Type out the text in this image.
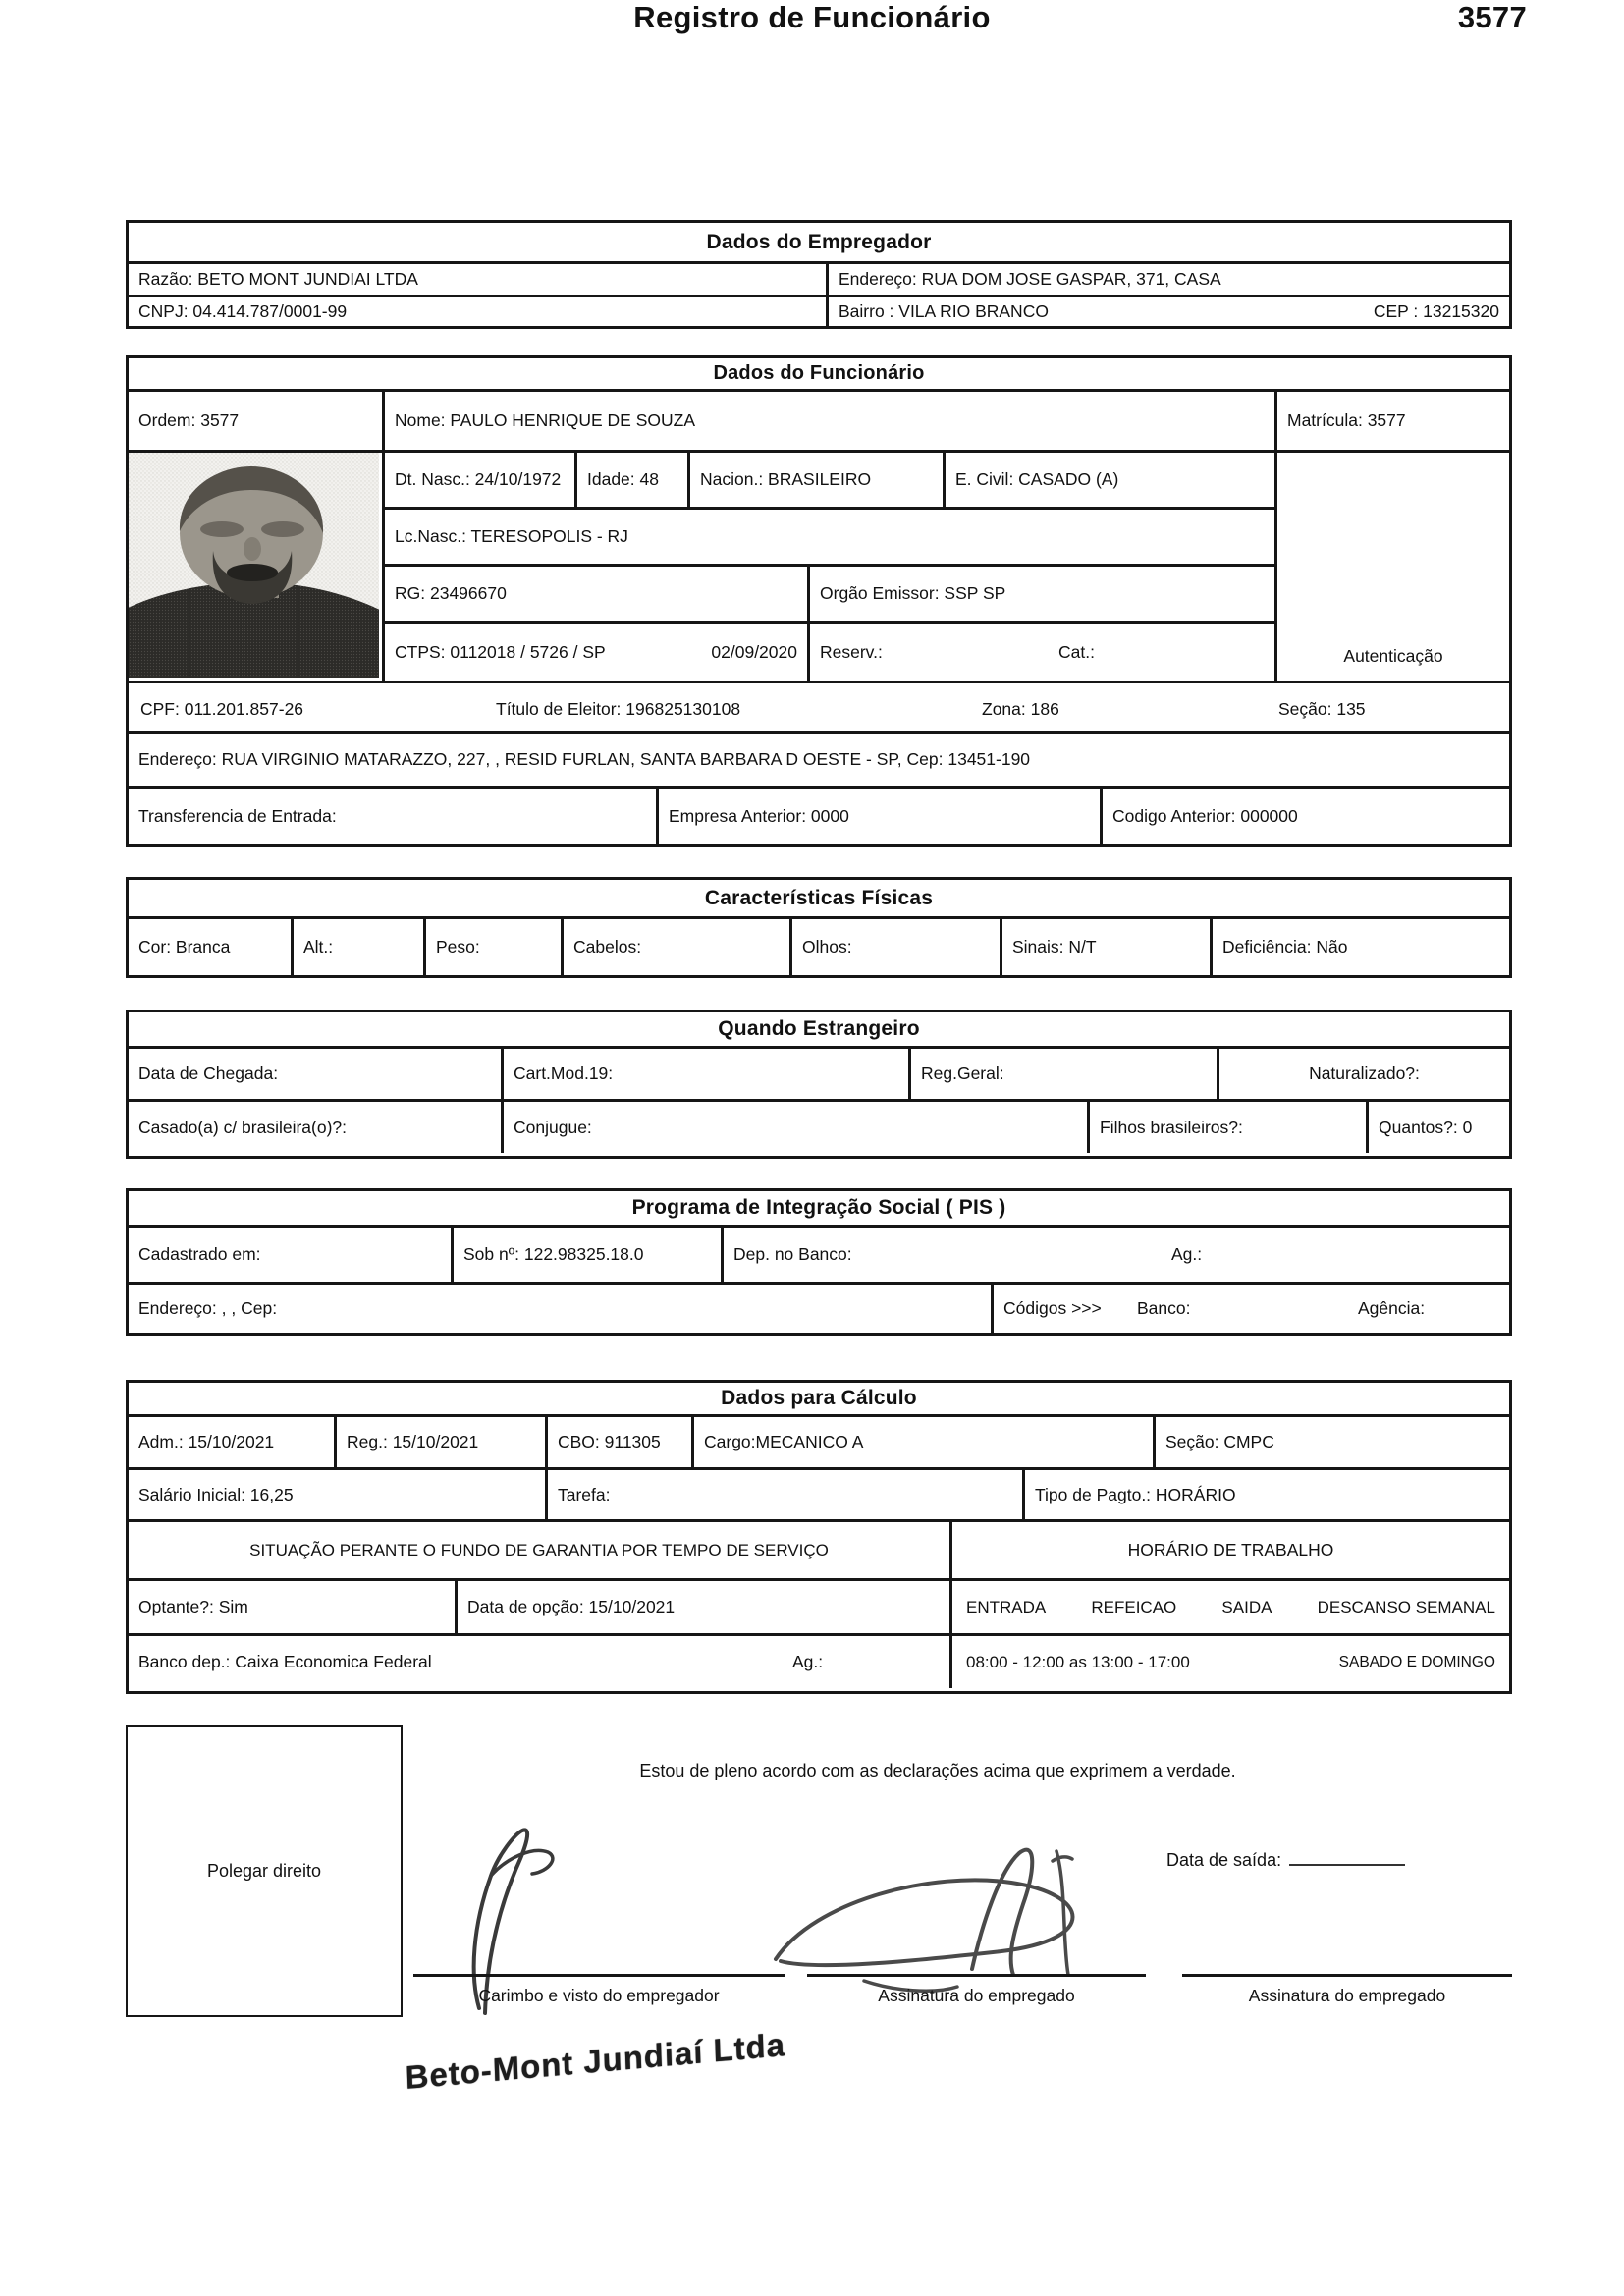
Registro de Funcionário	3577
Dados do Empregador
Razão: BETO MONT JUNDIAI LTDA	Endereço: RUA DOM JOSE GASPAR, 371, CASA
CNPJ: 04.414.787/0001-99	Bairro : VILA RIO BRANCO	CEP : 13215320
Dados do Funcionário
Ordem: 3577	Nome: PAULO HENRIQUE DE SOUZA	Matrícula: 3577
Dt. Nasc.: 24/10/1972	Idade: 48	Nacion.: BRASILEIRO	E. Civil: CASADO (A)
Lc.Nasc.: TERESOPOLIS - RJ
RG: 23496670	Orgão Emissor: SSP SP
CTPS: 0112018 / 5726 / SP	02/09/2020 Reserv.:	Cat.:	Autenticação
CPF: 011.201.857-26	Título de Eleitor: 196825130108	Zona: 186	Seção: 135
Endereço: RUA VIRGINIO MATARAZZO, 227, , RESID FURLAN, SANTA BARBARA D OESTE - SP, Cep: 13451-190
Transferencia de Entrada:	Empresa Anterior: 0000	Codigo Anterior: 000000
Características Físicas
Cor: Branca	Alt.:	Peso:	Cabelos:	Olhos:	Sinais: N/T	Deficiência: Não
Quando Estrangeiro
Data de Chegada:	Cart.Mod.19:	Reg.Geral:	Naturalizado?:
Casado(a) c/ brasileira(o)?:	Conjugue:	Filhos brasileiros?:	Quantos?: 0
Programa de Integração Social ( PIS )
Cadastrado em:	Sob nº: 122.98325.18.0	Dep. no Banco:	Ag.:
Endereço: , , Cep:	Códigos >>> Banco:	Agência:
Dados para Cálculo
Adm.: 15/10/2021	Reg.: 15/10/2021	CBO: 911305	Cargo:MECANICO A	Seção: CMPC
Salário Inicial: 16,25	Tarefa:	Tipo de Pagto.: HORÁRIO
SITUAÇÃO PERANTE O FUNDO DE GARANTIA POR TEMPO DE SERVIÇO	HORÁRIO DE TRABALHO
Optante?: Sim	Data de opção: 15/10/2021	ENTRADA	REFEICAO	SAIDA	DESCANSO SEMANAL
Banco dep.: Caixa Economica Federal	Ag.:	08:00 - 12:00 as 13:00 - 17:00	SABADO E DOMINGO
Polegar direito
Estou de pleno acordo com as declarações acima que exprimem a verdade.
Data de saída:
Carimbo e visto do empregador	Assinatura do empregado	Assinatura do empregado
Beto-Mont Jundiaí Ltda
